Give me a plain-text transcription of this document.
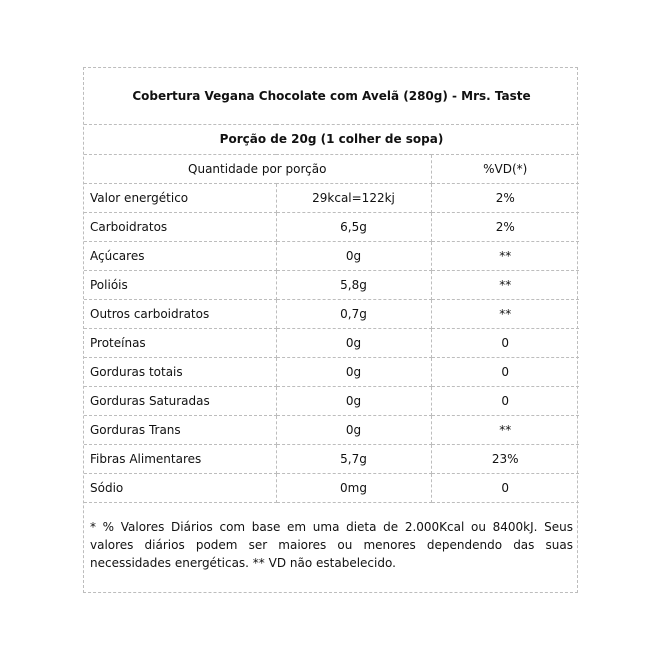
Cobertura Vegana Chocolate com Avelã (280g) - Mrs. Taste		
Porção de 20g (1 colher de sopa)		
Quantidade por porção		%VD(*)
Valor energético	29kcal=122kj	2%
Carboidratos	6,5g	2%
Açúcares	0g	**
Polióis	5,8g	**
Outros carboidratos	0,7g	**
Proteínas	0g	0
Gorduras totais	0g	0
Gorduras Saturadas	0g	0
Gorduras Trans	0g	**
Fibras Alimentares	5,7g	23%
Sódio	0mg	0
* % Valores Diários com base em uma dieta de 2.000Kcal ou 8400kJ. Seus valores diários podem ser maiores ou menores dependendo das suas necessidades energéticas. ** VD não estabelecido.		
